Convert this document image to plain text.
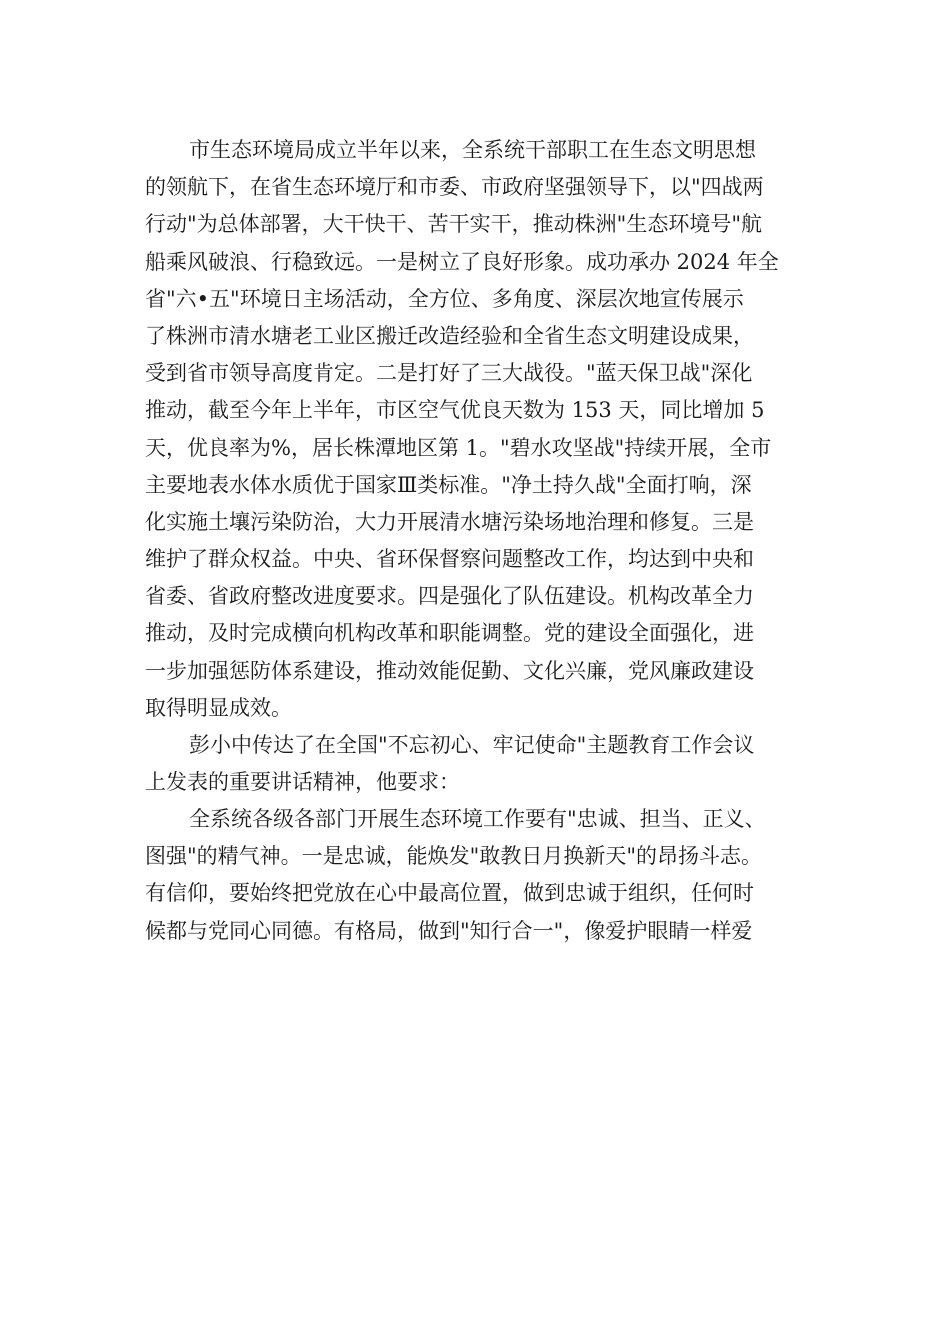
市生态环境局成立半年以来，全系统干部职工在生态文明思想
的领航下，在省生态环境厅和市委、市政府坚强领导下，以"四战两
行动"为总体部署，大干快干、苦干实干，推动株洲"生态环境号"航
船乘风破浪、行稳致远。一是树立了良好形象。成功承办 2024 年全
省"六•五"环境日主场活动，全方位、多角度、深层次地宣传展示
了株洲市清水塘老工业区搬迁改造经验和全省生态文明建设成果，
受到省市领导高度肯定。二是打好了三大战役。"蓝天保卫战"深化
推动，截至今年上半年，市区空气优良天数为 153 天，同比增加 5
天，优良率为%，居长株潭地区第 1。"碧水攻坚战"持续开展，全市
主要地表水体水质优于国家Ⅲ类标准。"净土持久战"全面打响，深
化实施土壤污染防治，大力开展清水塘污染场地治理和修复。三是
维护了群众权益。中央、省环保督察问题整改工作，均达到中央和
省委、省政府整改进度要求。四是强化了队伍建设。机构改革全力
推动，及时完成横向机构改革和职能调整。党的建设全面强化，进
一步加强惩防体系建设，推动效能促勤、文化兴廉，党风廉政建设
取得明显成效。
彭小中传达了在全国"不忘初心、牢记使命"主题教育工作会议
上发表的重要讲话精神，他要求：
全系统各级各部门开展生态环境工作要有"忠诚、担当、正义、
图强"的精气神。一是忠诚，能焕发"敢教日月换新天"的昂扬斗志。
有信仰，要始终把党放在心中最高位置，做到忠诚于组织，任何时
候都与党同心同德。有格局，做到"知行合一"，像爱护眼睛一样爱
